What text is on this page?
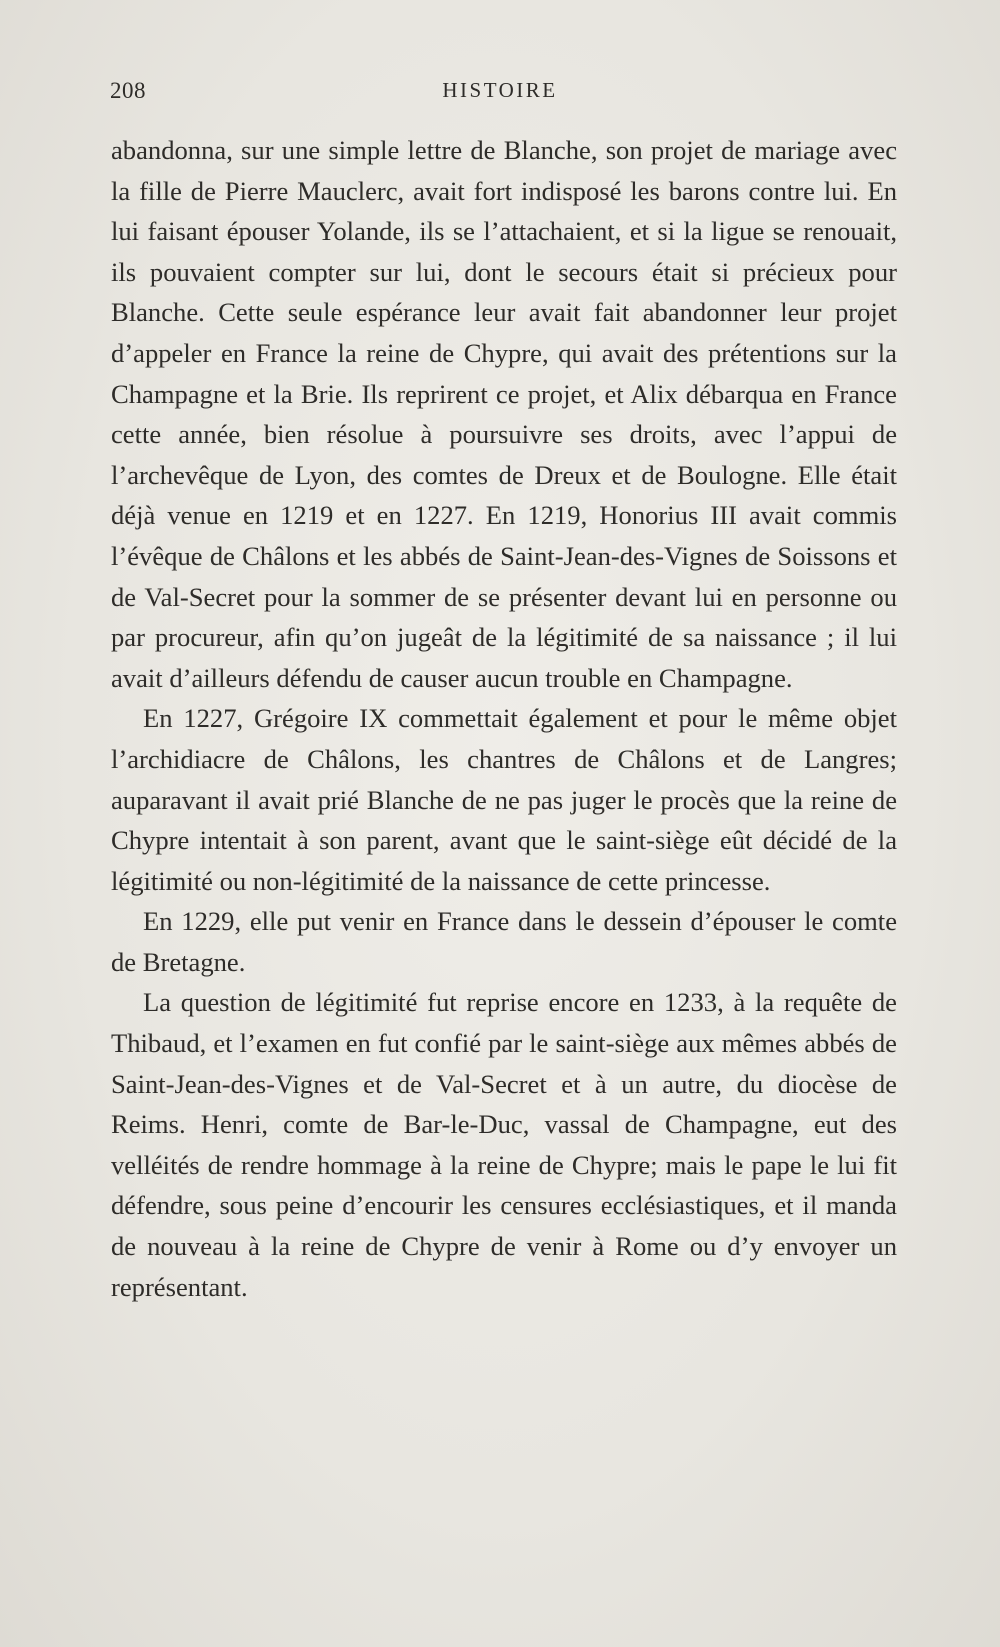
208	HISTOIRE

abandonna, sur une simple lettre de Blanche, son projet de mariage avec la fille de Pierre Mauclerc, avait fort indisposé les barons contre lui. En lui faisant épouser Yolande, ils se l’attachaient, et si la ligue se renouait, ils pouvaient compter sur lui, dont le secours était si précieux pour Blanche. Cette seule espérance leur avait fait abandonner leur projet d’appeler en France la reine de Chypre, qui avait des prétentions sur la Champagne et la Brie. Ils reprirent ce projet, et Alix débarqua en France cette année, bien résolue à poursuivre ses droits, avec l’appui de l’archevêque de Lyon, des comtes de Dreux et de Boulogne. Elle était déjà venue en 1219 et en 1227. En 1219, Honorius III avait commis l’évêque de Châlons et les abbés de Saint-Jean-des-Vignes de Soissons et de Val-Secret pour la sommer de se présenter devant lui en personne ou par procureur, afin qu’on jugeât de la légitimité de sa naissance ; il lui avait d’ailleurs défendu de causer aucun trouble en Champagne.

En 1227, Grégoire IX commettait également et pour le même objet l’archidiacre de Châlons, les chantres de Châlons et de Langres; auparavant il avait prié Blanche de ne pas juger le procès que la reine de Chypre intentait à son parent, avant que le saint-siège eût décidé de la légitimité ou non-légitimité de la naissance de cette princesse.

En 1229, elle put venir en France dans le dessein d’épouser le comte de Bretagne.

La question de légitimité fut reprise encore en 1233, à la requête de Thibaud, et l’examen en fut confié par le saint-siège aux mêmes abbés de Saint-Jean-des-Vignes et de Val-Secret et à un autre, du diocèse de Reims. Henri, comte de Bar-le-Duc, vassal de Champagne, eut des velléités de rendre hommage à la reine de Chypre; mais le pape le lui fit défendre, sous peine d’encourir les censures ecclésiastiques, et il manda de nouveau à la reine de Chypre de venir à Rome ou d’y envoyer un représentant.
